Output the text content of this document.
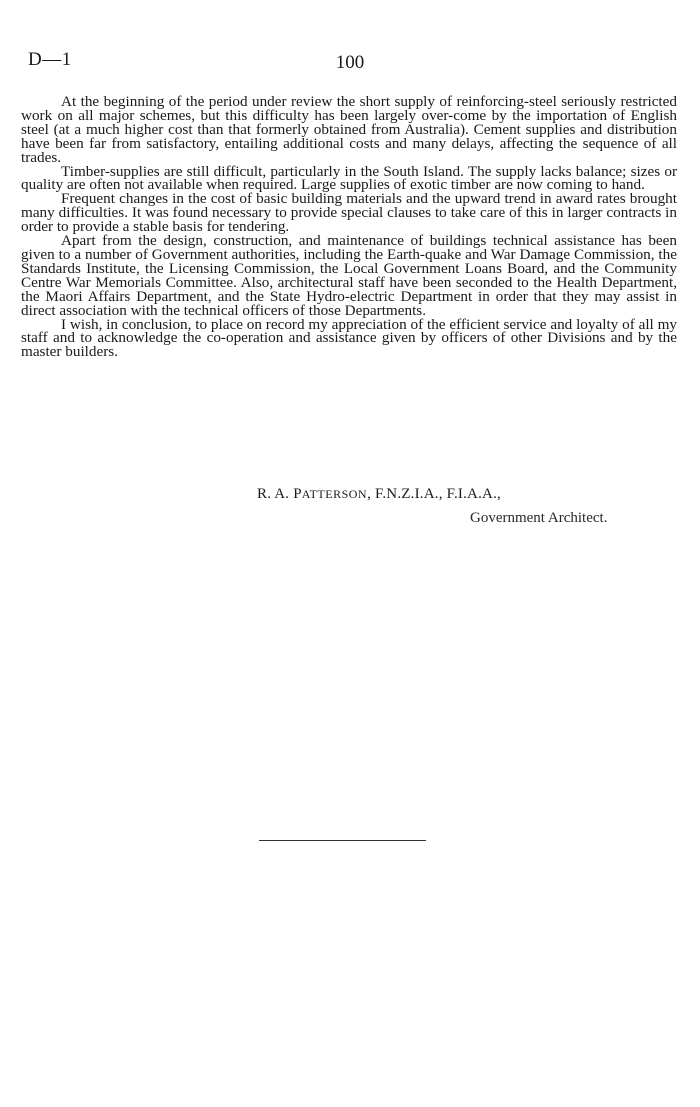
D—1	100

At the beginning of the period under review the short supply of reinforcing-steel seriously restricted work on all major schemes, but this difficulty has been largely over-come by the importation of English steel (at a much higher cost than that formerly obtained from Australia). Cement supplies and distribution have been far from satisfactory, entailing additional costs and many delays, affecting the sequence of all trades.

Timber-supplies are still difficult, particularly in the South Island. The supply lacks balance; sizes or quality are often not available when required. Large supplies of exotic timber are now coming to hand.

Frequent changes in the cost of basic building materials and the upward trend in award rates brought many difficulties. It was found necessary to provide special clauses to take care of this in larger contracts in order to provide a stable basis for tendering.

Apart from the design, construction, and maintenance of buildings technical assistance has been given to a number of Government authorities, including the Earth-quake and War Damage Commission, the Standards Institute, the Licensing Commission, the Local Government Loans Board, and the Community Centre War Memorials Committee. Also, architectural staff have been seconded to the Health Department, the Maori Affairs Department, and the State Hydro-electric Department in order that they may assist in direct association with the technical officers of those Departments.

I wish, in conclusion, to place on record my appreciation of the efficient service and loyalty of all my staff and to acknowledge the co-operation and assistance given by officers of other Divisions and by the master builders.

R. A. PATTERSON, F.N.Z.I.A., F.I.A.A.,
Government Architect.
